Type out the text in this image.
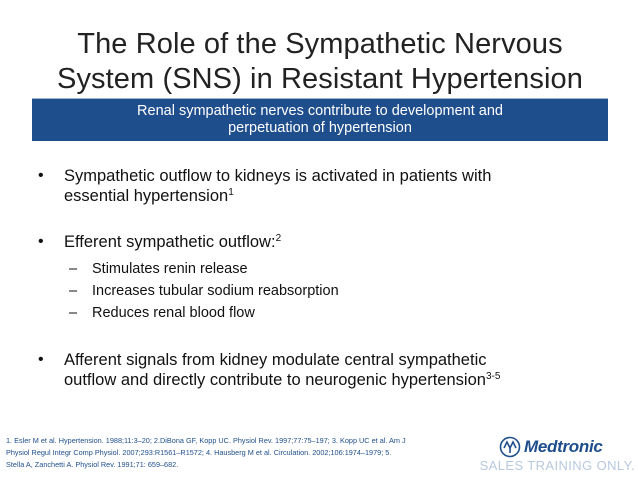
The Role of the Sympathetic Nervous
System (SNS) in Resistant Hypertension
Renal sympathetic nerves contribute to development and
perpetuation of hypertension
• Sympathetic outflow to kidneys is activated in patients with
essential hypertension$^1$
• Efferent sympathetic outflow:$^2$
– Stimulates renin release
– Increases tubular sodium reabsorption
– Reduces renal blood flow
• Afferent signals from kidney modulate central sympathetic
outflow and directly contribute to neurogenic hypertension$^{3-5}$
1. Esler M et al. Hypertension. 1988;11:3–20; 2.DiBona GF, Kopp UC. Physiol Rev. 1997;77:75–197; 3. Kopp UC et al. Am J
Physiol Regul Integr Comp Physiol. 2007;293:R1561–R1572; 4. Hausberg M et al. Circulation. 2002;106:1974–1979; 5.
Stella A, Zanchetti A. Physiol Rev. 1991;71: 659–682.
Medtronic
SALES TRAINING ONLY.
